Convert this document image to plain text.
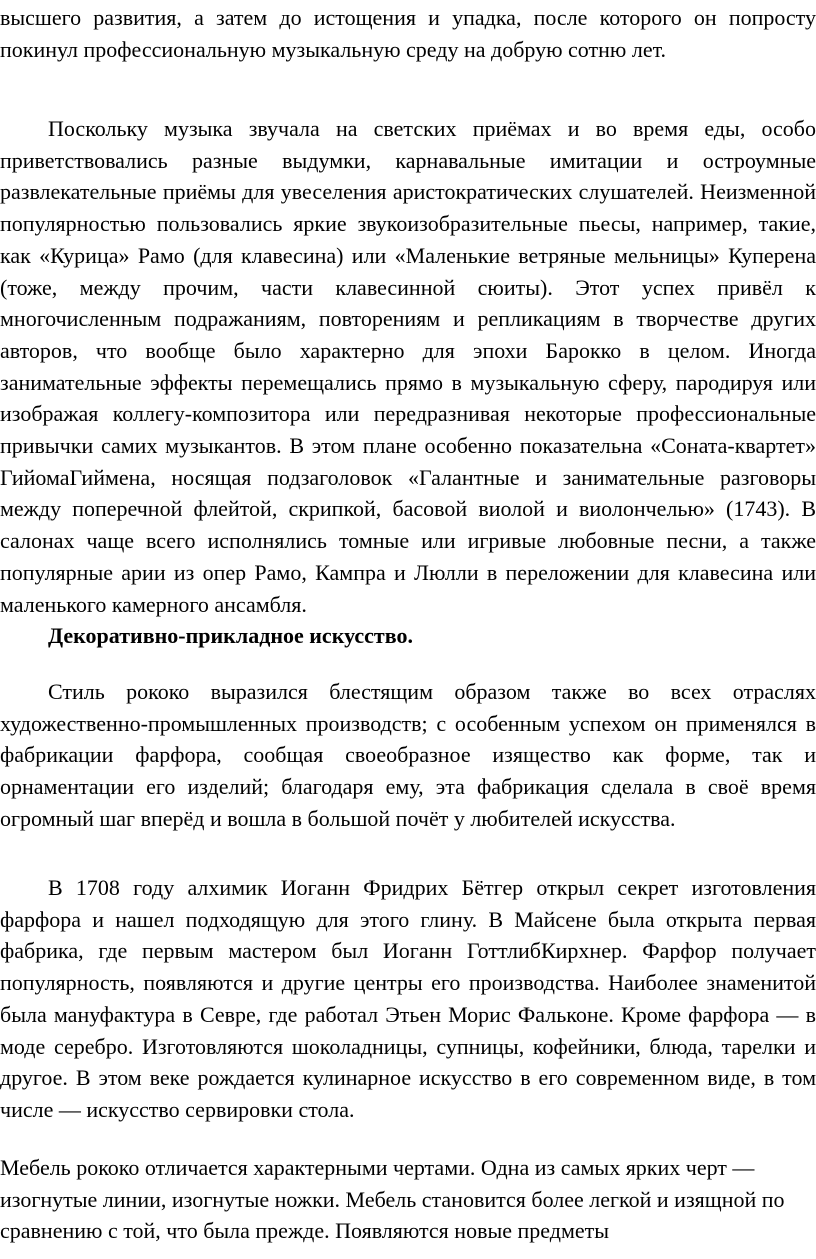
высшего развития, а затем до истощения и упадка, после которого он попросту покинул профессиональную музыкальную среду на добрую сотню лет.

Поскольку музыка звучала на светских приёмах и во время еды, особо приветствовались разные выдумки, карнавальные имитации и остроумные развлекательные приёмы для увеселения аристократических слушателей. Неизменной популярностью пользовались яркие звукоизобразительные пьесы, например, такие, как «Курица» Рамо (для клавесина) или «Маленькие ветряные мельницы» Куперена (тоже, между прочим, части клавесинной сюиты). Этот успех привёл к многочисленным подражаниям, повторениям и репликациям в творчестве других авторов, что вообще было характерно для эпохи Барокко в целом. Иногда занимательные эффекты перемещались прямо в музыкальную сферу, пародируя или изображая коллегу-композитора или передразнивая некоторые профессиональные привычки самих музыкантов. В этом плане особенно показательна «Соната-квартет» ГийомаГиймена, носящая подзаголовок «Галантные и занимательные разговоры между поперечной флейтой, скрипкой, басовой виолой и виолончелью» (1743). В салонах чаще всего исполнялись томные или игривые любовные песни, а также популярные арии из опер Рамо, Кампра и Люлли в переложении для клавесина или маленького камерного ансамбля.

Декоративно-прикладное искусство.

Стиль рококо выразился блестящим образом также во всех отраслях художественно-промышленных производств; с особенным успехом он применялся в фабрикации фарфора, сообщая своеобразное изящество как форме, так и орнаментации его изделий; благодаря ему, эта фабрикация сделала в своё время огромный шаг вперёд и вошла в большой почёт у любителей искусства.

В 1708 году алхимик Иоганн Фридрих Бётгер открыл секрет изготовления фарфора и нашел подходящую для этого глину. В Майсене была открыта первая фабрика, где первым мастером был Иоганн ГоттлибКирхнер. Фарфор получает популярность, появляются и другие центры его производства. Наиболее знаменитой была мануфактура в Севре, где работал Этьен Морис Фальконе. Кроме фарфора — в моде серебро. Изготовляются шоколадницы, супницы, кофейники, блюда, тарелки и другое. В этом веке рождается кулинарное искусство в его современном виде, в том числе — искусство сервировки стола.

Мебель рококо отличается характерными чертами. Одна из самых ярких черт — изогнутые линии, изогнутые ножки. Мебель становится более легкой и изящной по сравнению с той, что была прежде. Появляются новые предметы
